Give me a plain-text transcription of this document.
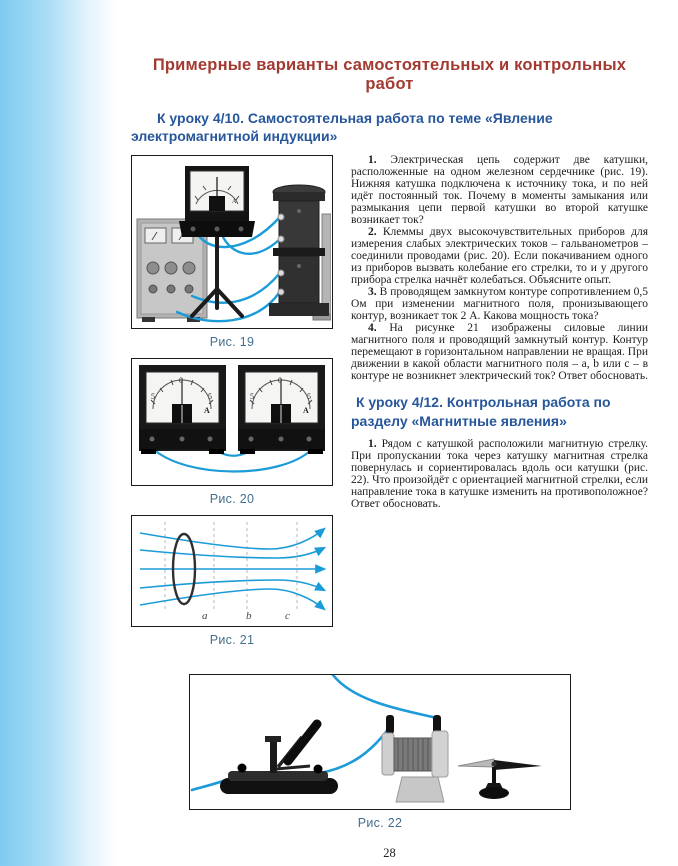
Примерные варианты самостоятельных и контрольных работ

К уроку 4/10. Самостоятельная работа по теме «Явление электромагнитной индукции»

A
Рис. 19
5
0
5
A
5
0
5
A
Рис. 20
a	b	c
Рис. 21

1. Электрическая цепь содержит две катушки, расположенные на одном железном сердечнике (рис. 19). Нижняя катушка подключена к источнику тока, и по ней идёт постоянный ток. Почему в моменты замыкания или размыкания цепи первой катушки во второй катушке возникает ток?

2. Клеммы двух высокочувствительных приборов для измерения слабых электрических токов – гальванометров – соединили проводами (рис. 20). Если покачиванием одного из приборов вызвать колебание его стрелки, то и у другого прибора стрелка начнёт колебаться. Объясните опыт.

3. В проводящем замкнутом контуре сопротивлением 0,5 Ом при изменении магнитного поля, пронизывающего контур, возникает ток 2 А. Какова мощность тока?

4. На рисунке 21 изображены силовые линии магнитного поля и проводящий замкнутый контур. Контур перемещают в горизонтальном направлении не вращая. При движении в какой области магнитного поля – a, b или c – в контуре не возникнет электрический ток? Ответ обосновать.

К уроку 4/12. Контрольная работа по разделу «Магнитные явления»

1. Рядом с катушкой расположили магнитную стрелку. При пропускании тока через катушку магнитная стрелка повернулась и сориентировалась вдоль оси катушки (рис. 22). Что произойдёт с ориентацией магнитной стрелки, если направление тока в катушке изменить на противоположное? Ответ обосновать.

Рис. 22
28
